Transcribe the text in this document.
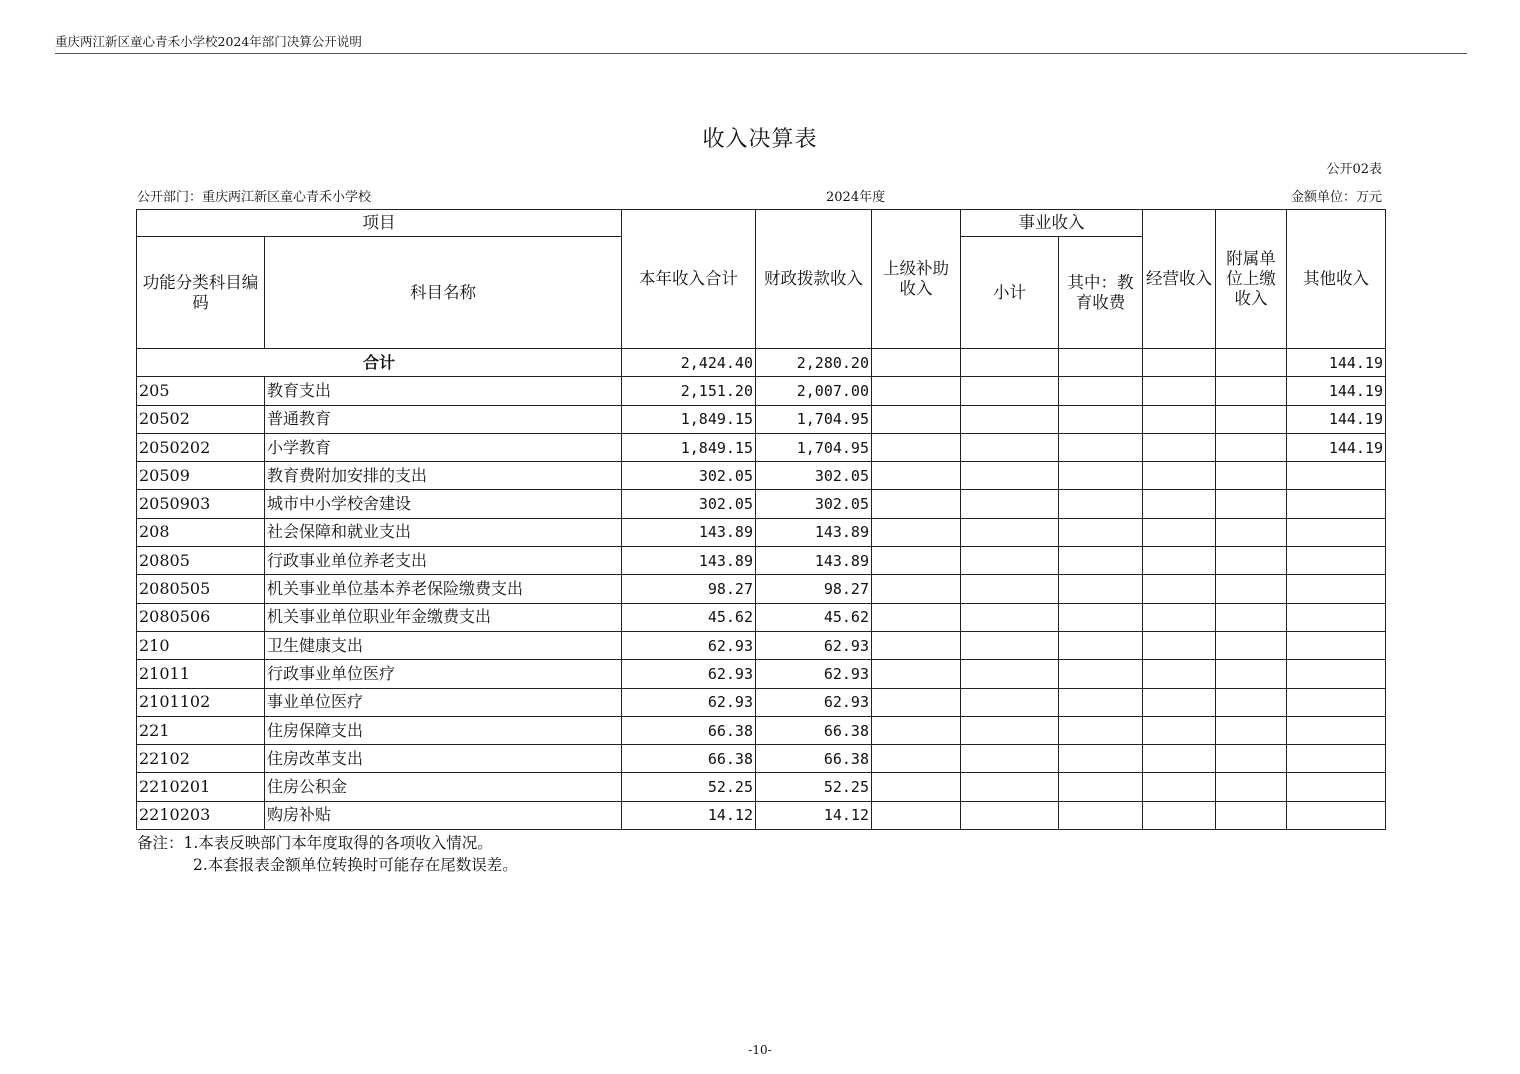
重庆两江新区童心青禾小学校2024年部门决算公开说明
收入决算表
公开02表
公开部门：重庆两江新区童心青禾小学校	2024年度	金额单位：万元
项目		本年收入合计	财政拨款收入	上级补助收入	事业收入		经营收入	附属单位上缴收入	其他收入
功能分类科目编码	科目名称				小计	其中：教育收费			
合计		2,424.40	2,280.20						144.19
205	教育支出	2,151.20	2,007.00						144.19
20502	普通教育	1,849.15	1,704.95						144.19
2050202	小学教育	1,849.15	1,704.95						144.19
20509	教育费附加安排的支出	302.05	302.05						
2050903	城市中小学校舍建设	302.05	302.05						
208	社会保障和就业支出	143.89	143.89						
20805	行政事业单位养老支出	143.89	143.89						
2080505	机关事业单位基本养老保险缴费支出	98.27	98.27						
2080506	机关事业单位职业年金缴费支出	45.62	45.62						
210	卫生健康支出	62.93	62.93						
21011	行政事业单位医疗	62.93	62.93						
2101102	事业单位医疗	62.93	62.93						
221	住房保障支出	66.38	66.38						
22102	住房改革支出	66.38	66.38						
2210201	住房公积金	52.25	52.25						
2210203	购房补贴	14.12	14.12						
备注：1.本表反映部门本年度取得的各项收入情况。
2.本套报表金额单位转换时可能存在尾数误差。
-10-
